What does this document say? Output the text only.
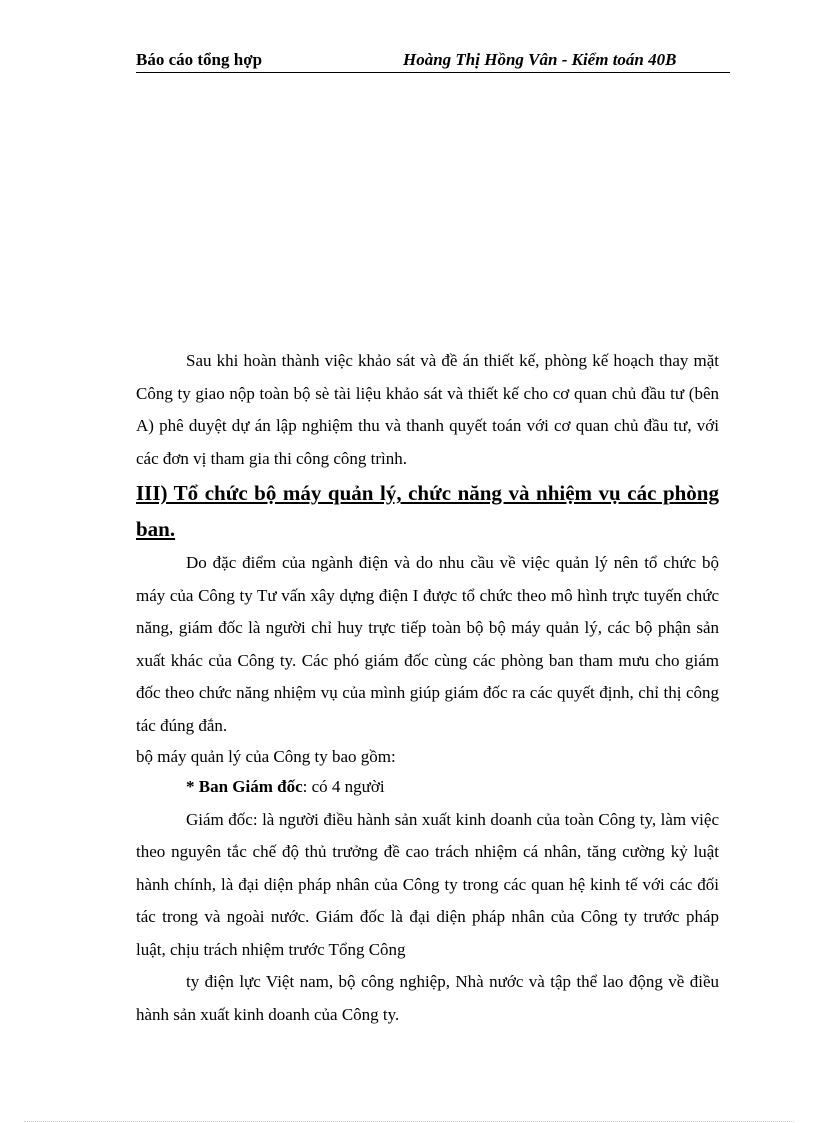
Báo cáo tổng hợp	Hoàng Thị Hồng Vân - Kiểm toán 40B

Sau khi hoàn thành việc khảo sát và đề án thiết kế, phòng kế hoạch thay mặt Công ty giao nộp toàn bộ sè tài liệu khảo sát và thiết kế cho cơ quan chủ đầu tư (bên A) phê duyệt dự án lập nghiệm thu và thanh quyết toán với cơ quan chủ đầu tư, với các đơn vị tham gia thi công công trình.

III) Tổ chức bộ máy quản lý, chức năng và nhiệm vụ các phòng ban.

Do đặc điểm của ngành điện và do nhu cầu về việc quản lý nên tổ chức bộ máy của Công ty Tư vấn xây dựng điện I được tổ chức theo mô hình trực tuyến chức năng, giám đốc là người chỉ huy trực tiếp toàn bộ bộ máy quản lý, các bộ phận sản xuất khác của Công ty. Các phó giám đốc cùng các phòng ban tham mưu cho giám đốc theo chức năng nhiệm vụ của mình giúp giám đốc ra các quyết định, chỉ thị công tác đúng đắn.

bộ máy quản lý của Công ty bao gồm:

* Ban Giám đốc: có 4 người

Giám đốc: là người điều hành sản xuất kinh doanh của toàn Công ty, làm việc theo nguyên tắc chế độ thủ trưởng đề cao trách nhiệm cá nhân, tăng cường kỷ luật hành chính, là đại diện pháp nhân của Công ty trong các quan hệ kinh tế với các đối tác trong và ngoài nước. Giám đốc là đại diện pháp nhân của Công ty trước pháp luật, chịu trách nhiệm trước Tổng Công

ty điện lực Việt nam, bộ công nghiệp, Nhà nước và tập thể lao động về điều hành sản xuất kinh doanh của Công ty.
